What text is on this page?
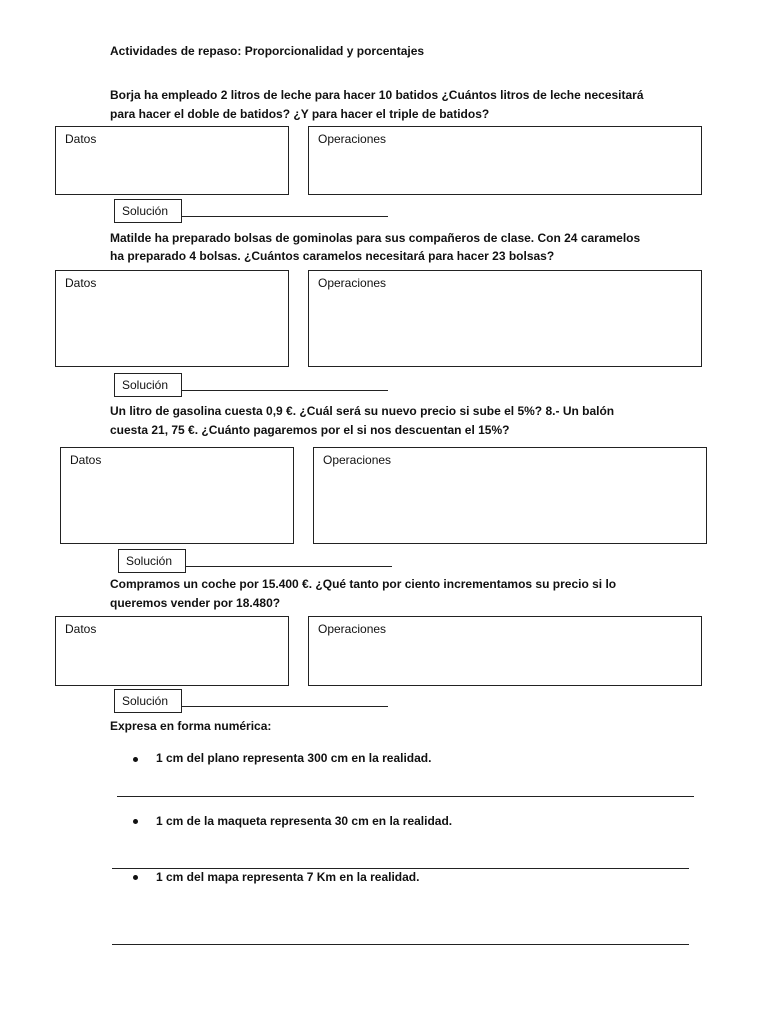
Actividades de repaso: Proporcionalidad y porcentajes
Borja ha empleado 2 litros de leche para hacer 10 batidos ¿Cuántos litros de leche necesitará
para hacer el doble de batidos? ¿Y para hacer el triple de batidos?
Datos	Operaciones
Solución
Matilde ha preparado bolsas de gominolas para sus compañeros de clase. Con 24 caramelos
ha preparado 4 bolsas. ¿Cuántos caramelos necesitará para hacer 23 bolsas?
Datos	Operaciones
Solución
Un litro de gasolina cuesta 0,9 €. ¿Cuál será su nuevo precio si sube el 5%? 8.- Un balón
cuesta 21, 75 €. ¿Cuánto pagaremos por el si nos descuentan el 15%?
Datos	Operaciones
Solución
Compramos un coche por 15.400 €. ¿Qué tanto por ciento incrementamos su precio si lo
queremos vender por 18.480?
Datos	Operaciones
Solución
Expresa en forma numérica:
1 cm del plano representa 300 cm en la realidad.
1 cm de la maqueta representa 30 cm en la realidad.
1 cm del mapa representa 7 Km en la realidad.
